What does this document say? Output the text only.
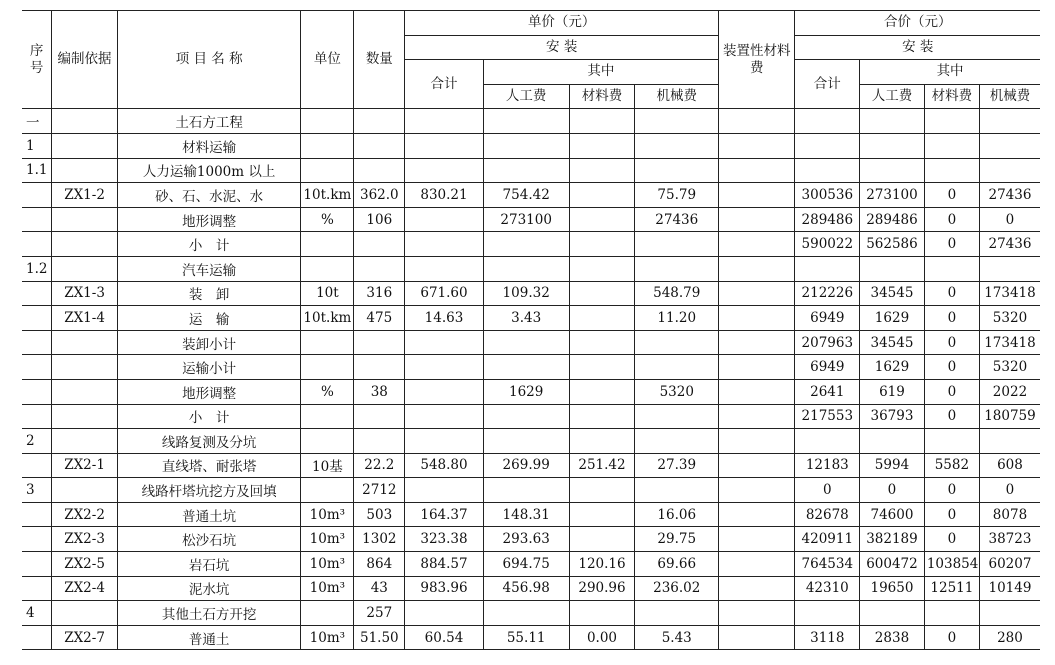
序号	编制依据	项 目 名 称	单位	数量	单价（元）				装置性材料费	合价（元）			
					安 装					安 装			
					合计	其中				合计	其中		
						人工费	材料费	机械费			人工费	材料费	机械费
一		土石方工程											
1		材料运输											
1.1		人力运输1000m 以上											
	ZX1-2	砂、石、水泥、水	10t.km	362.0	830.21	754.42		75.79		300536	273100	0	27436
		地形调整	%	106		273100		27436		289486	289486	0	0
		小　计								590022	562586	0	27436
1.2		汽车运输											
	ZX1-3	装　卸	10t	316	671.60	109.32		548.79		212226	34545	0	173418
	ZX1-4	运　输	10t.km	475	14.63	3.43		11.20		6949	1629	0	5320
		装卸小计								207963	34545	0	173418
		运输小计								6949	1629	0	5320
		地形调整	%	38		1629		5320		2641	619	0	2022
		小　计								217553	36793	0	180759
2		线路复测及分坑											
	ZX2-1	直线塔、耐张塔	10基	22.2	548.80	269.99	251.42	27.39		12183	5994	5582	608
3		线路杆塔坑挖方及回填		2712						0	0	0	0
	ZX2-2	普通土坑	10m³	503	164.37	148.31		16.06		82678	74600	0	8078
	ZX2-3	松沙石坑	10m³	1302	323.38	293.63		29.75		420911	382189	0	38723
	ZX2-5	岩石坑	10m³	864	884.57	694.75	120.16	69.66		764534	600472	103854	60207
	ZX2-4	泥水坑	10m³	43	983.96	456.98	290.96	236.02		42310	19650	12511	10149
4		其他土石方开挖		257									
	ZX2-7	普通土	10m³	51.50	60.54	55.11	0.00	5.43		3118	2838	0	280
